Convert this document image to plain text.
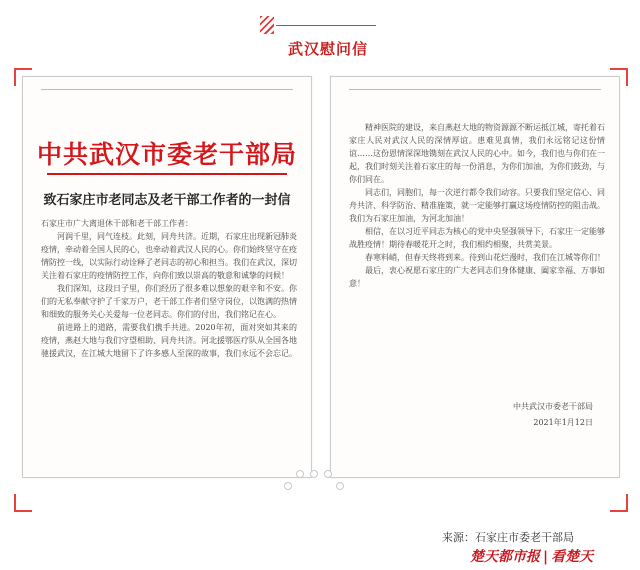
武汉慰问信
中共武汉市委老干部局
致石家庄市老同志及老干部工作者的一封信

石家庄市广大离退休干部和老干部工作者：

河润千里，同气连枝。此刻，同舟共济。近期，石家庄出现新冠肺炎疫情，牵动着全国人民的心，也牵动着武汉人民的心。你们始终坚守在疫情防控一线，以实际行动诠释了老同志的初心和担当。我们在武汉，深切关注着石家庄的疫情防控工作，向你们致以崇高的敬意和诚挚的问候！

我们深知，这段日子里，你们经历了很多难以想象的艰辛和不安。你们的无私奉献守护了千家万户，老干部工作者们坚守岗位，以饱满的热情和细致的服务关心关爱每一位老同志。你们的付出，我们铭记在心。

前进路上的道路，需要我们携手共进。2020年初，面对突如其来的疫情，燕赵大地与我们守望相助、同舟共济。河北援鄂医疗队从全国各地驰援武汉，在江城大地留下了许多感人至深的故事，我们永远不会忘记。

精神医院的建设，来自燕赵大地的物资源源不断运抵江城，寄托着石家庄人民对武汉人民的深情厚谊。患难见真情，我们永远铭记这份情谊……这份恩情深深地镌刻在武汉人民的心中。如今，我们也与你们在一起，我们时刻关注着石家庄的每一份消息，为你们加油，为你们鼓劲，与你们同在。

同志们，同胞们，每一次逆行都令我们动容。只要我们坚定信心、同舟共济、科学防治、精准施策，就一定能够打赢这场疫情防控的阻击战。我们为石家庄加油，为河北加油！

相信，在以习近平同志为核心的党中央坚强领导下，石家庄一定能够战胜疫情！期待春暖花开之时，我们相约相聚，共赏美景。

春寒料峭，但春天终将到来。待到山花烂漫时，我们在江城等你们！

最后，衷心祝愿石家庄的广大老同志们身体健康、阖家幸福、万事如意！

中共武汉市委老干部局
2021年1月12日
来源：石家庄市委老干部局
楚天都市报 | 看楚天
